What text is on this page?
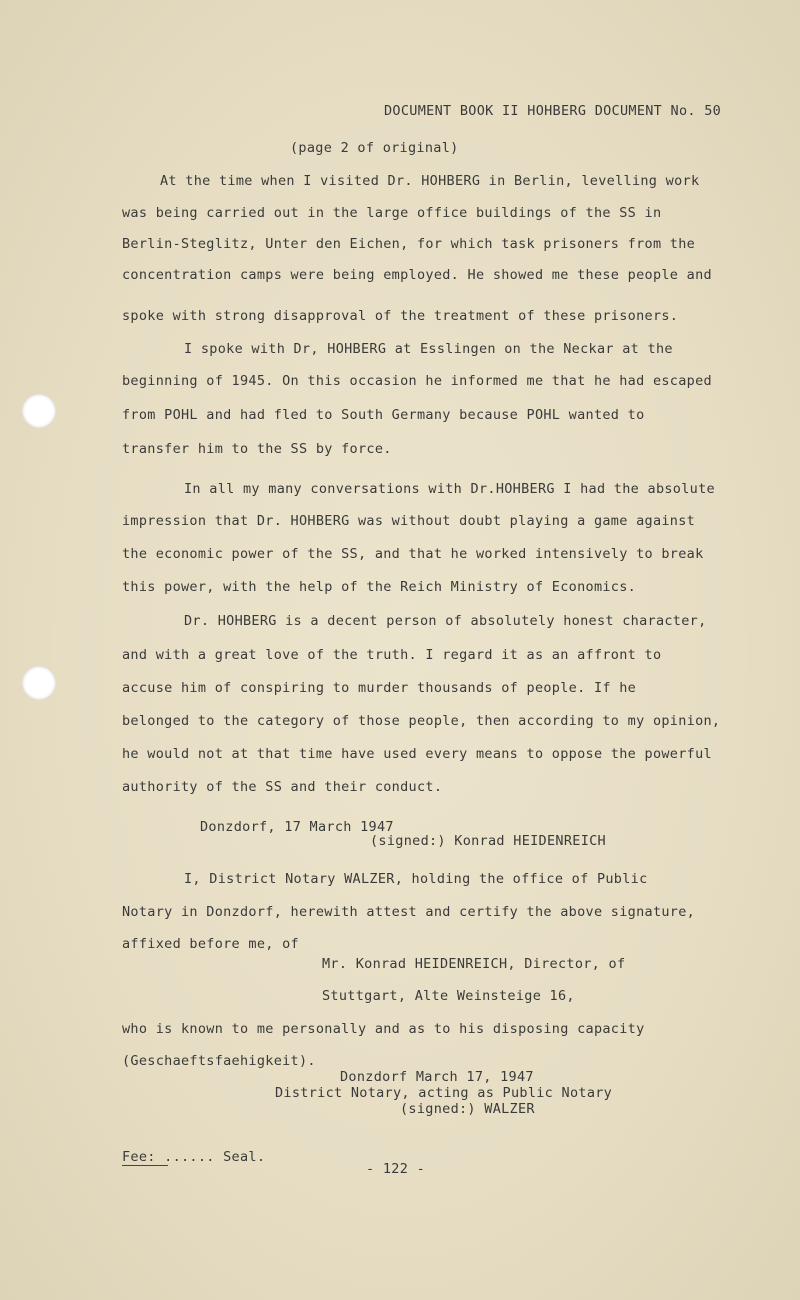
DOCUMENT BOOK II HOHBERG DOCUMENT No. 50
(page 2 of original)
At the time when I visited Dr. HOHBERG in Berlin, levelling work
was being carried out in the large office buildings of the SS in
Berlin-Steglitz, Unter den Eichen, for which task prisoners from the
concentration camps were being employed. He showed me these people and
spoke with strong disapproval of the treatment of these prisoners.
I spoke with Dr, HOHBERG at Esslingen on the Neckar at the
beginning of 1945. On this occasion he informed me that he had escaped
from POHL and had fled to South Germany because POHL wanted to
transfer him to the SS by force.
In all my many conversations with Dr.HOHBERG I had the absolute
impression that Dr. HOHBERG was without doubt playing a game against
the economic power of the SS, and that he worked intensively to break
this power, with the help of the Reich Ministry of Economics.
Dr. HOHBERG is a decent person of absolutely honest character,
and with a great love of the truth. I regard it as an affront to
accuse him of conspiring to murder thousands of people. If he
belonged to the category of those people, then according to my opinion,
he would not at that time have used every means to oppose the powerful
authority of the SS and their conduct.
Donzdorf, 17 March 1947
(signed:) Konrad HEIDENREICH
I, District Notary WALZER, holding the office of Public
Notary in Donzdorf, herewith attest and certify the above signature,
affixed before me, of
Mr. Konrad HEIDENREICH, Director, of
Stuttgart, Alte Weinsteige 16,
who is known to me personally and as to his disposing capacity
(Geschaeftsfaehigkeit).
Donzdorf March 17, 1947
District Notary, acting as Public Notary
(signed:) WALZER
Fee: ...... Seal.
- 122 -
